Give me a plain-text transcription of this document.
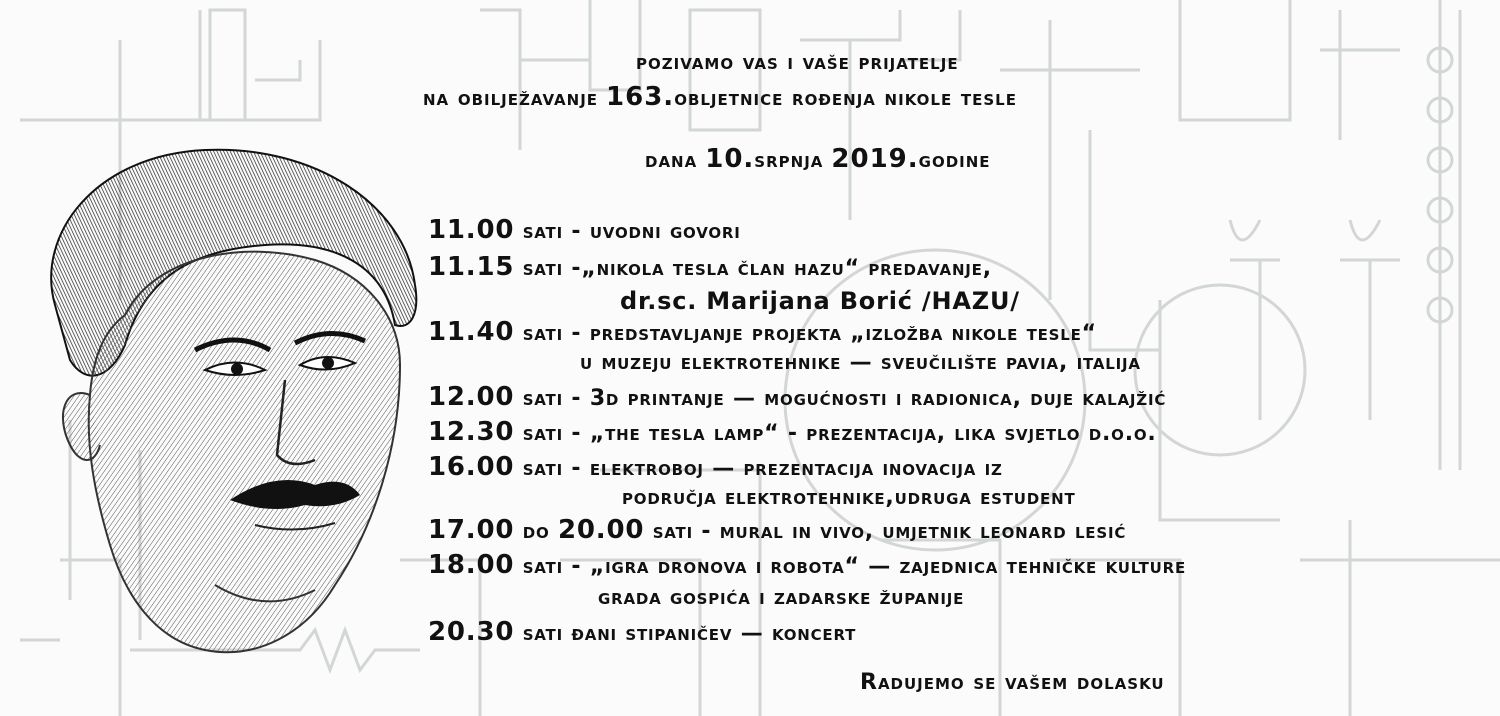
pozivamo vas i vaše prijatelje
na obilježavanje 163.obljetnice rođenja nikole tesle
dana 10.srpnja 2019.godine
11.00 sati - uvodni govori
11.15 sati -„nikola tesla član hazu“ predavanje,
dr.sc. Marijana Borić /HAZU/
11.40 sati - predstavljanje projekta „izložba nikole tesle“
u muzeju elektrotehnike — sveučilište pavia, italija
12.00 sati - 3d printanje — mogućnosti i radionica, duje kalajžić
12.30 sati - „the tesla lamp“ - prezentacija, lika svjetlo d.o.o.
16.00 sati - elektroboj — prezentacija inovacija iz
područja elektrotehnike,udruga estudent
17.00 do 20.00 sati - mural in vivo, umjetnik leonard lesić
18.00 sati - „igra dronova i robota“ — zajednica tehničke kulture
grada gospića i zadarske županije
20.30 sati đani stipaničev — koncert
Radujemo se vašem dolasku
